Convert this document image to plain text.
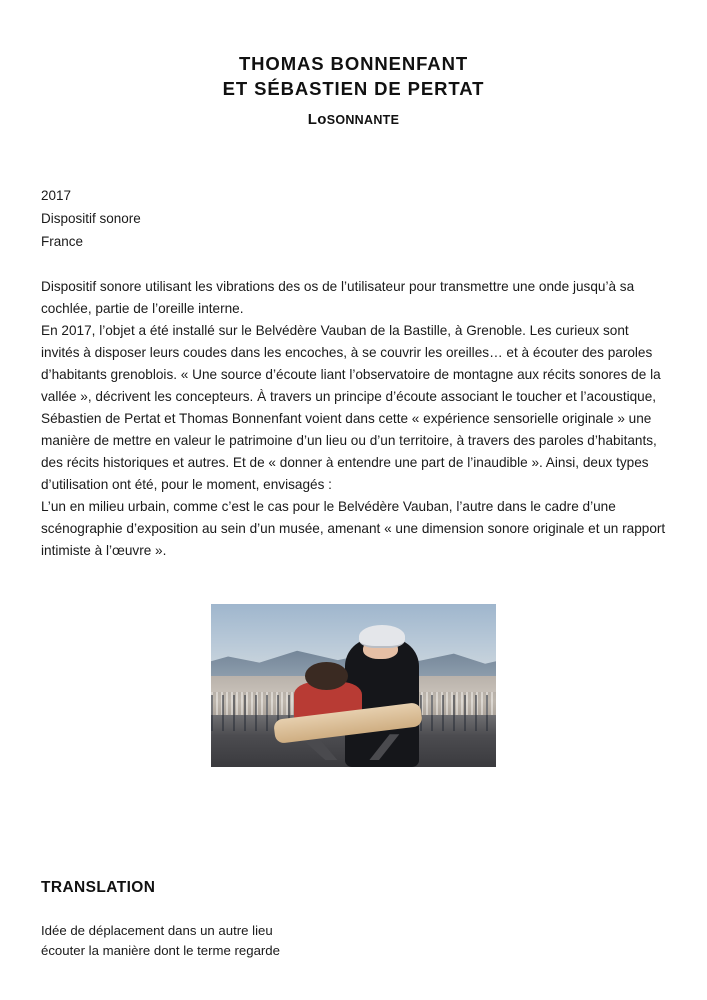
THOMAS BONNENFANT
ET SÉBASTIEN DE PERTAT
LoSONNANTE
2017
Dispositif sonore
France

Dispositif sonore utilisant les vibrations des os de l’utilisateur pour transmettre une onde jusqu’à sa cochlée, partie de l’oreille interne.

En 2017, l’objet a été installé sur le Belvédère Vauban de la Bastille, à Grenoble. Les curieux sont invités à disposer leurs coudes dans les encoches, à se couvrir les oreilles… et à écouter des paroles d’habitants grenoblois. « Une source d’écoute liant l’observatoire de montagne aux récits sonores de la vallée », décrivent les concepteurs. À travers un principe d’écoute associant le toucher et l’acoustique, Sébastien de Pertat et Thomas Bonnenfant voient dans cette « expérience sensorielle originale » une manière de mettre en valeur le patrimoine d’un lieu ou d’un territoire, à travers des paroles d’habitants, des récits historiques et autres. Et de « donner à entendre une part de l’inaudible ». Ainsi, deux types d’utilisation ont été, pour le moment, envisagés :

L’un en milieu urbain, comme c’est le cas pour le Belvédère Vauban, l’autre dans le cadre d’une scénographie d’exposition au sein d’un musée, amenant « une dimension sonore originale et un rapport intimiste à l’œuvre ».

TRANSLATION

Idée de déplacement dans un autre lieu

écouter la manière dont le terme regarde
